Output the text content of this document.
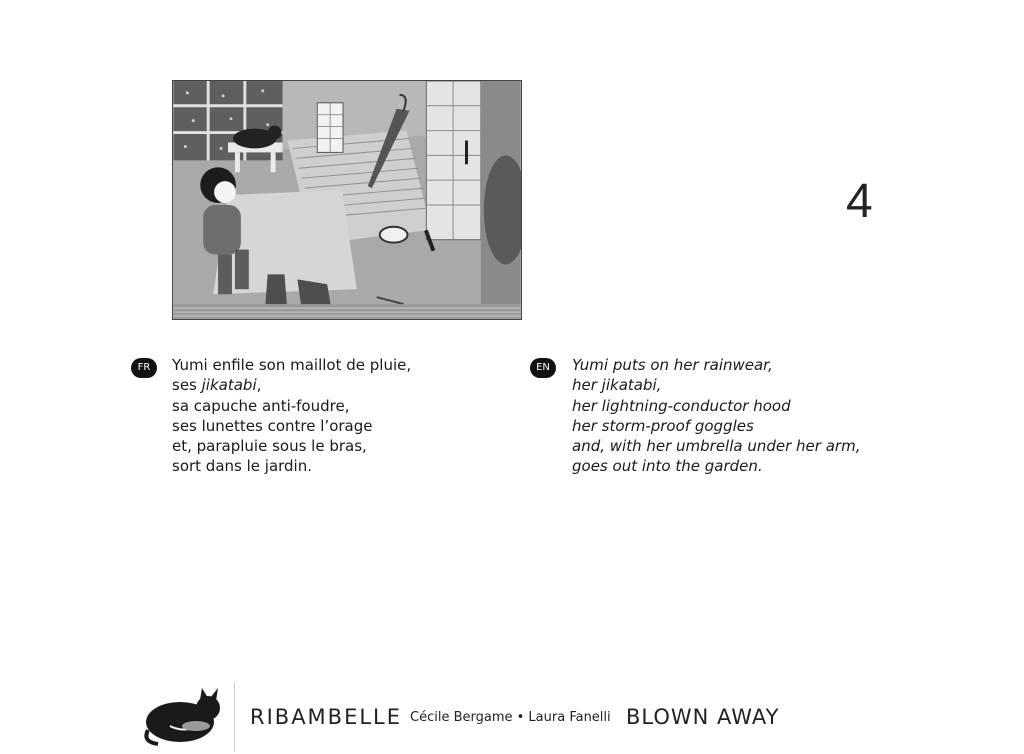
4
FR	Yumi enfile son maillot de pluie,
ses jikatabi,
sa capuche anti-foudre,
ses lunettes contre l’orage
et, parapluie sous le bras,
sort dans le jardin.
EN	Yumi puts on her rainwear,
her jikatabi,
her lightning-conductor hood
her storm-proof goggles
and, with her umbrella under her arm,
goes out into the garden.
RIBAMBELLE Cécile Bergame • Laura Fanelli BLOWN AWAY
